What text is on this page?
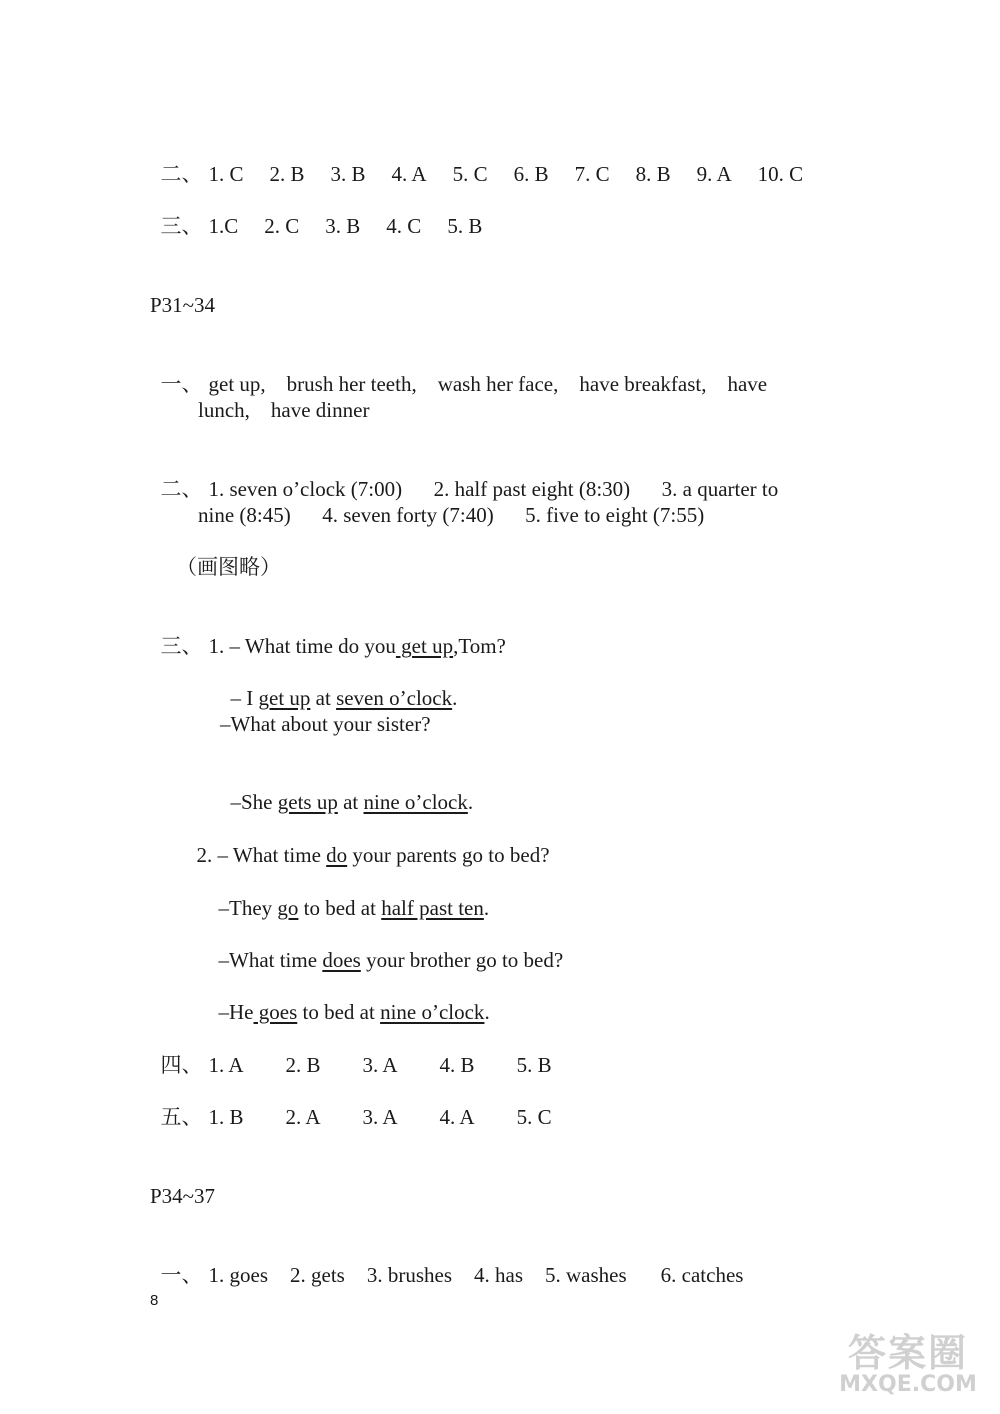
二、 1. C 2. B 3. B 4. A 5. C 6. B 7. C 8. B 9. A 10. C

三、 1.C 2. C 3. B 4. C 5. B

P31~34

一、 get up,    brush her teeth,    wash her face,    have breakfast,    have

lunch,    have dinner

二、 1. seven o’clock (7:00)      2. half past eight (8:30)      3. a quarter to

nine (8:45)      4. seven forty (7:40)      5. five to eight (7:55)
（画图略）

三、 1. – What time do you get up,Tom?

– I get up at seven o’clock.

–What about your sister?

–She gets up at nine o’clock.

2. – What time do your parents go to bed?

–They go to bed at half past ten.

–What time does your brother go to bed?

–He goes to bed at nine o’clock.

四、 1. A 2. B 3. A 4. B 5. B

五、 1. B 2. A 3. A 4. A 5. C

P34~37

一、 1. goes 2. gets 3. brushes 4. has 5. washes 6. catches

8
答案圈
MXQE.COM
